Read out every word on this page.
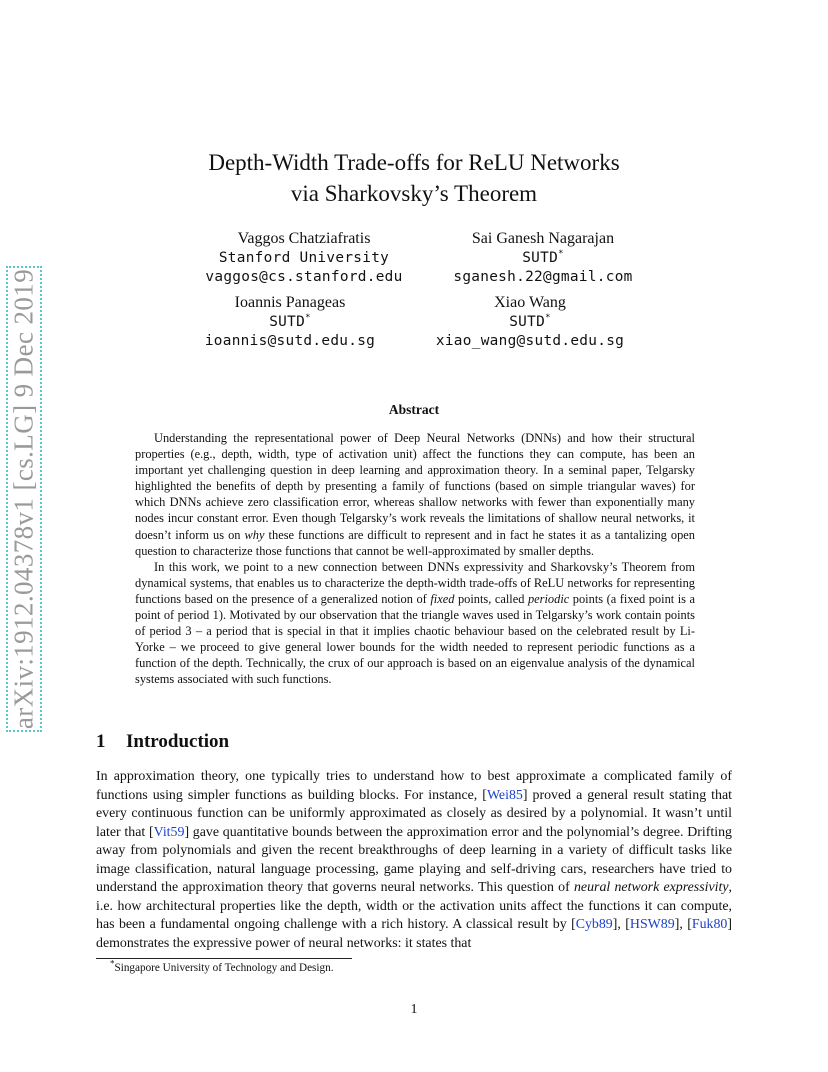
arXiv:1912.04378v1 [cs.LG] 9 Dec 2019
Depth-Width Trade-offs for ReLU Networks
via Sharkovsky’s Theorem
Vaggos Chatziafratis
Stanford University
vaggos@cs.stanford.edu
Sai Ganesh Nagarajan
SUTD*
sganesh.22@gmail.com
Ioannis Panageas
SUTD*
ioannis@sutd.edu.sg
Xiao Wang
SUTD*
xiao_wang@sutd.edu.sg
Abstract

Understanding the representational power of Deep Neural Networks (DNNs) and how their structural properties (e.g., depth, width, type of activation unit) affect the functions they can compute, has been an important yet challenging question in deep learning and approximation theory. In a seminal paper, Telgarsky highlighted the benefits of depth by presenting a family of functions (based on simple triangular waves) for which DNNs achieve zero classification error, whereas shallow networks with fewer than exponentially many nodes incur constant error. Even though Telgarsky’s work reveals the limitations of shallow neural networks, it doesn’t inform us on why these functions are difficult to represent and in fact he states it as a tantalizing open question to characterize those functions that cannot be well-approximated by smaller depths.

In this work, we point to a new connection between DNNs expressivity and Sharkovsky’s Theorem from dynamical systems, that enables us to characterize the depth-width trade-offs of ReLU networks for representing functions based on the presence of a generalized notion of fixed points, called periodic points (a fixed point is a point of period 1). Motivated by our observation that the triangle waves used in Telgarsky’s work contain points of period 3 – a period that is special in that it implies chaotic behaviour based on the celebrated result by Li-Yorke – we proceed to give general lower bounds for the width needed to represent periodic functions as a function of the depth. Technically, the crux of our approach is based on an eigenvalue analysis of the dynamical systems associated with such functions.

1 Introduction

In approximation theory, one typically tries to understand how to best approximate a complicated family of functions using simpler functions as building blocks. For instance, [Wei85] proved a general result stating that every continuous function can be uniformly approximated as closely as desired by a polynomial. It wasn’t until later that [Vit59] gave quantitative bounds between the approximation error and the polynomial’s degree. Drifting away from polynomials and given the recent breakthroughs of deep learning in a variety of difficult tasks like image classification, natural language processing, game playing and self-driving cars, researchers have tried to understand the approximation theory that governs neural networks. This question of neural network expressivity, i.e. how architectural properties like the depth, width or the activation units affect the functions it can compute, has been a fundamental ongoing challenge with a rich history. A classical result by [Cyb89], [HSW89], [Fuk80] demonstrates the expressive power of neural networks: it states that

*Singapore University of Technology and Design.
1
